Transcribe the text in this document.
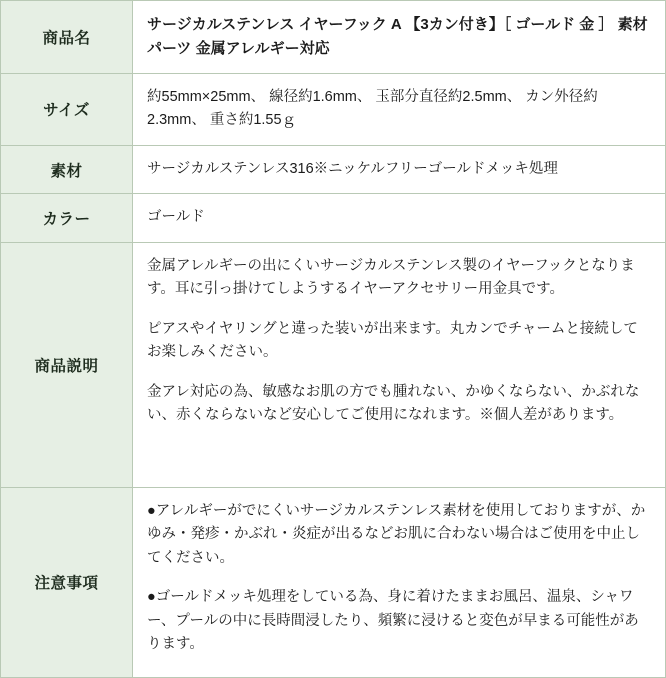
商品名	サージカルステンレス イヤーフック A 【3カン付き】［ ゴールド 金 ］ 素材 パーツ 金属アレルギー対応

サイズ	約55mm×25mm、 線径約1.6mm、 玉部分直径約2.5mm、 カン外径約2.3mm、 重さ約1.55ｇ

素材	サージカルステンレス316※ニッケルフリーゴールドメッキ処理

カラー	ゴールド

商品説明	金属アレルギーの出にくいサージカルステンレス製のイヤーフックとなります。耳に引っ掛けてしようするイヤーアクセサリー用金具です。

ピアスやイヤリングと違った装いが出来ます。丸カンでチャームと接続してお楽しみください。

金アレ対応の為、敏感なお肌の方でも腫れない、かゆくならない、かぶれない、赤くならないなど安心してご使用になれます。※個人差があります。

注意事項	●アレルギーがでにくいサージカルステンレス素材を使用しておりますが、かゆみ・発疹・かぶれ・炎症が出るなどお肌に合わない場合はご使用を中止してください。

●ゴールドメッキ処理をしている為、身に着けたままお風呂、温泉、シャワー、プールの中に長時間浸したり、頻繁に浸けると変色が早まる可能性があります。
